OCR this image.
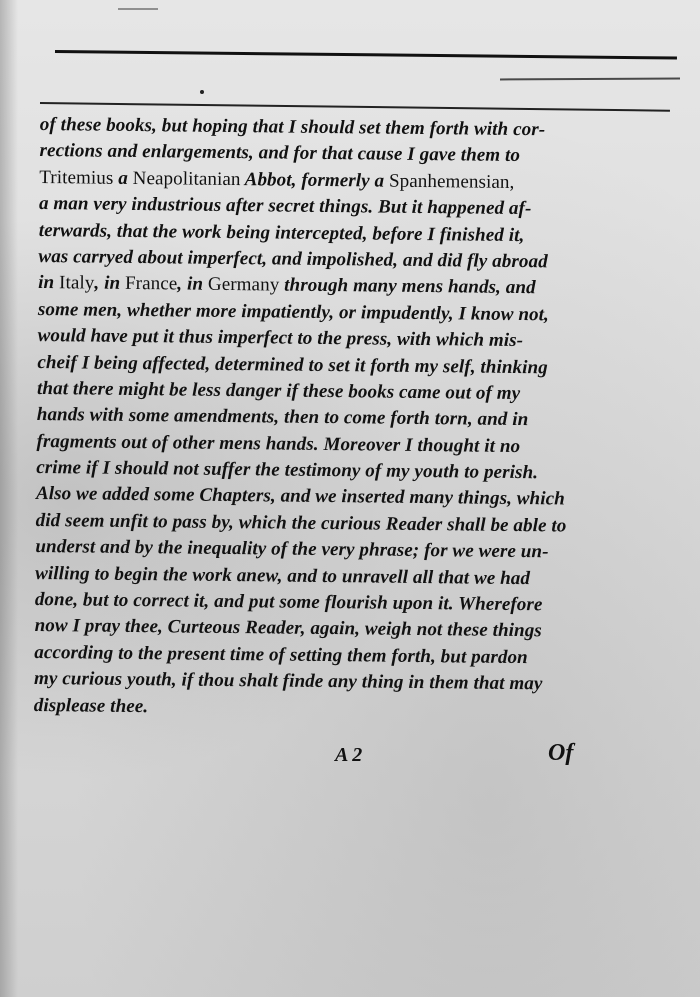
of these books, but hoping that I should set them forth with cor-
rections and enlargements, and for that cause I gave them to
Tritemius a Neapolitanian Abbot, formerly a Spanhemensian,
a man very industrious after secret things. But it happened af-
terwards, that the work being intercepted, before I finished it,
was carryed about imperfect, and impolished, and did fly abroad
in Italy, in France, in Germany through many mens hands, and
some men, whether more impatiently, or impudently, I know not,
would have put it thus imperfect to the press, with which mis-
cheif I being affected, determined to set it forth my self, thinking
that there might be less danger if these books came out of my
hands with some amendments, then to come forth torn, and in
fragments out of other mens hands. Moreover I thought it no
crime if I should not suffer the testimony of my youth to perish.
Also we added some Chapters, and we inserted many things, which
did seem unfit to pass by, which the curious Reader shall be able to
underst and by the inequality of the very phrase; for we were un-
willing to begin the work anew, and to unravell all that we had
done, but to correct it, and put some flourish upon it. Wherefore
now I pray thee, Curteous Reader, again, weigh not these things
according to the present time of setting them forth, but pardon
my curious youth, if thou shalt finde any thing in them that may
displease thee.
A 2	Of
